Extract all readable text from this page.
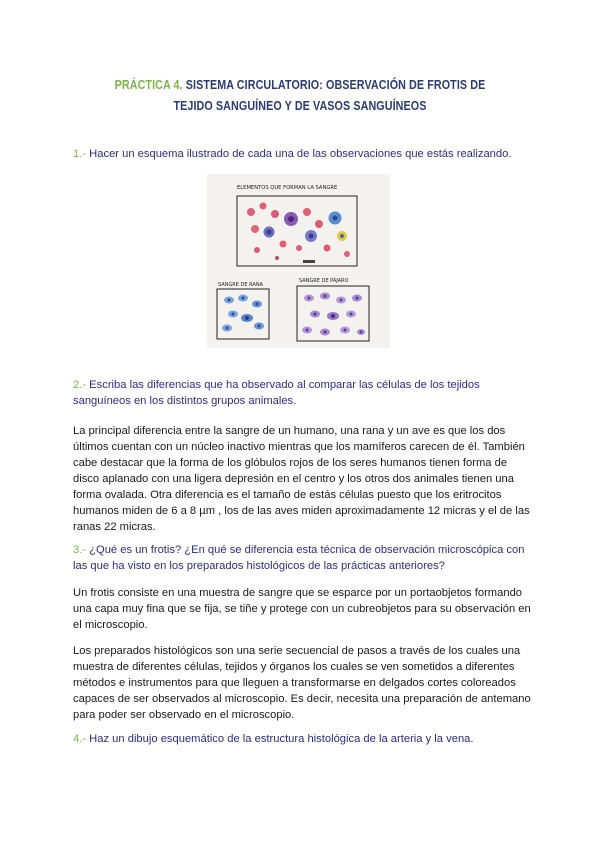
PRÁCTICA 4. SISTEMA CIRCULATORIO: OBSERVACIÓN DE FROTIS DE TEJIDO SANGUÍNEO Y DE VASOS SANGUÍNEOS
1.- Hacer un esquema ilustrado de cada una de las observaciones que estás realizando.
ELEMENTOS QUE FORMAN LA SANGRE
SANGRE DE RANA
SANGRE DE PÁJARO
2.- Escriba las diferencias que ha observado al comparar las células de los tejidos sanguíneos en los distintos grupos animales.
La principal diferencia entre la sangre de un humano, una rana y un ave es que los dos últimos cuentan con un núcleo inactivo mientras que los mamíferos carecen de él. También cabe destacar que la forma de los glóbulos rojos de los seres humanos tienen forma de disco aplanado con una ligera depresión en el centro y los otros dos animales tienen una forma ovalada. Otra diferencia es el tamaño de estás células puesto que los eritrocitos humanos miden de 6 a 8 µm , los de las aves miden aproximadamente 12 micras y el de las ranas 22 micras.
3.- ¿Qué es un frotis? ¿En qué se diferencia esta técnica de observación microscópica con las que ha visto en los preparados histológicos de las prácticas anteriores?
Un frotis consiste en una muestra de sangre que se esparce por un portaobjetos formando una capa muy fina que se fija, se tiñe y protege con un cubreobjetos para su observación en el microscopio.
Los preparados histológicos son una serie secuencial de pasos a través de los cuales una muestra de diferentes células, tejidos y órganos los cuales se ven sometidos a diferentes métodos e instrumentos para que lleguen a transformarse en delgados cortes coloreados capaces de ser observados al microscopio. Es decir, necesita una preparación de antemano para poder ser observado en el microscopio.
4.- Haz un dibujo esquemático de la estructura histológica de la arteria y la vena.
